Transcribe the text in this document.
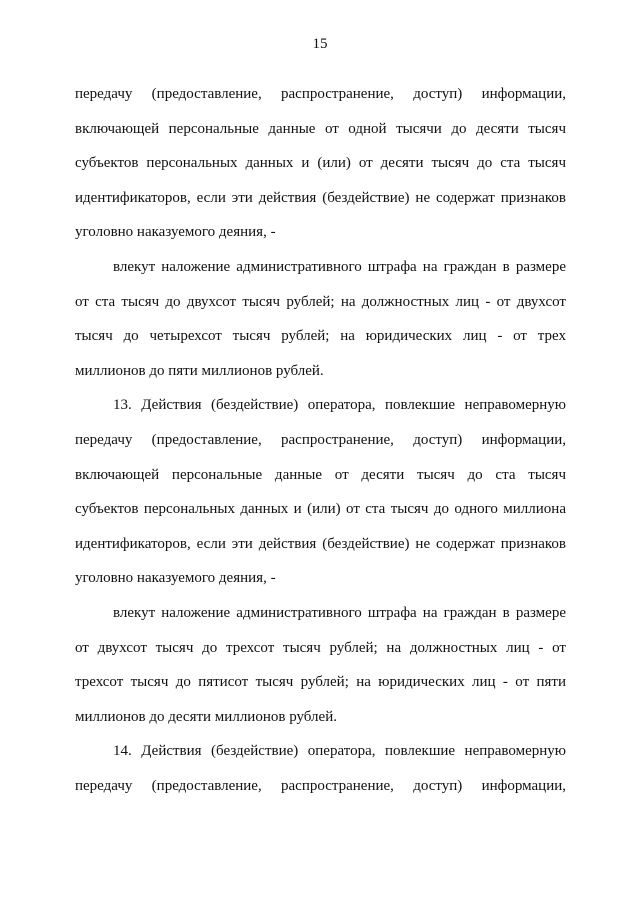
15
передачу (предоставление, распространение, доступ) информации,
включающей персональные данные от одной тысячи до десяти тысяч
субъектов персональных данных и (или) от десяти тысяч до ста тысяч
идентификаторов, если эти действия (бездействие) не содержат признаков
уголовно наказуемого деяния, -
влекут наложение административного штрафа на граждан в размере
от ста тысяч до двухсот тысяч рублей; на должностных лиц - от двухсот
тысяч до четырехсот тысяч рублей; на юридических лиц - от трех
миллионов до пяти миллионов рублей.
13. Действия (бездействие) оператора, повлекшие неправомерную
передачу (предоставление, распространение, доступ) информации,
включающей персональные данные от десяти тысяч до ста тысяч
субъектов персональных данных и (или) от ста тысяч до одного миллиона
идентификаторов, если эти действия (бездействие) не содержат признаков
уголовно наказуемого деяния, -
влекут наложение административного штрафа на граждан в размере
от двухсот тысяч до трехсот тысяч рублей; на должностных лиц - от
трехсот тысяч до пятисот тысяч рублей; на юридических лиц - от пяти
миллионов до десяти миллионов рублей.
14. Действия (бездействие) оператора, повлекшие неправомерную
передачу (предоставление, распространение, доступ) информации,
